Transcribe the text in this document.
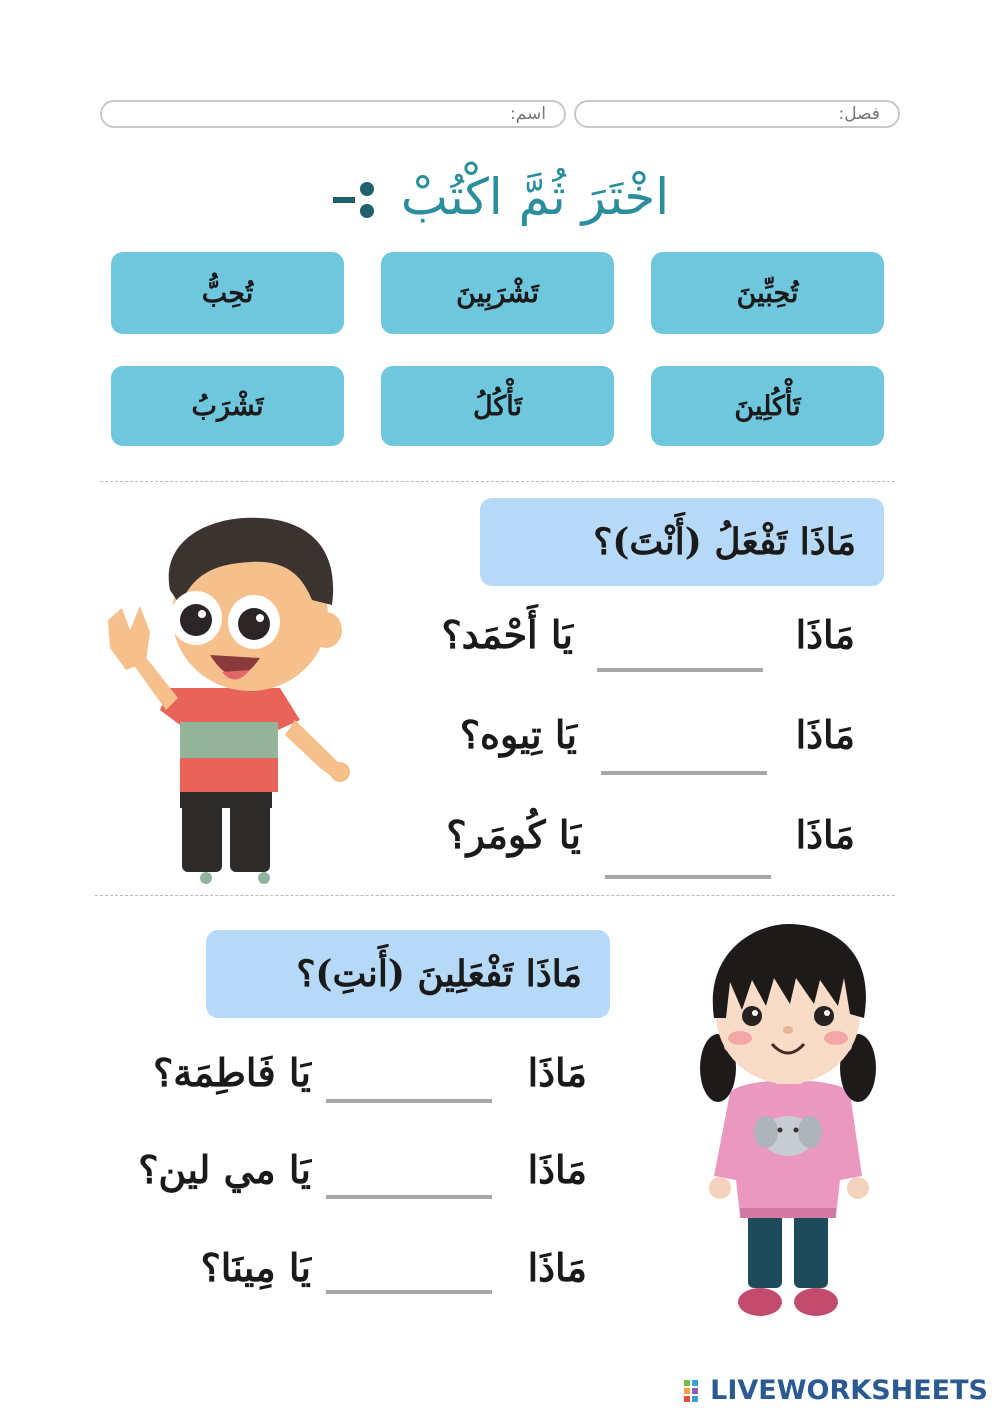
اسم:	فصل:
اخْتَرَ ثُمَّ اكْتُبْ
تُحِبِّينَ
تَشْرَبِينَ
تُحِبُّ
تَأْكُلِينَ
تَأْكُلُ
تَشْرَبُ
مَاذَا تَفْعَلُ (أَنْتَ)؟
مَاذَا
يَا أَحْمَد؟
مَاذَا
يَا تِيوه؟
مَاذَا
يَا كُومَر؟
مَاذَا تَفْعَلِينَ (أَنتِ)؟
مَاذَا
يَا فَاطِمَة؟
مَاذَا
يَا مي لين؟
مَاذَا
يَا مِينَا؟
LIVEWORKSHEETS
